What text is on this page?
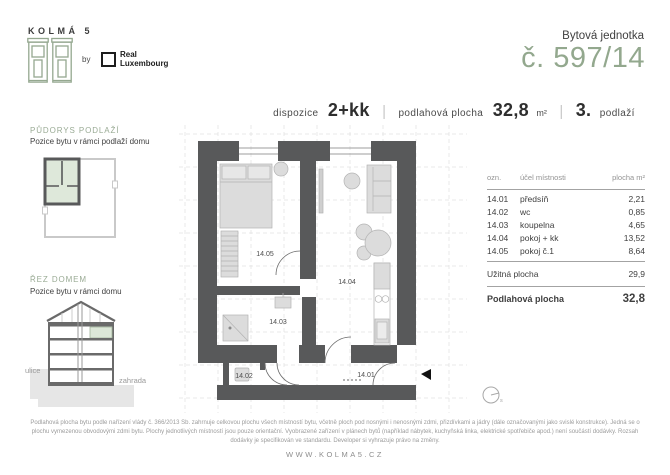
KOLMÁ 5
by
Real
Luxembourg
Bytová jednotka
č. 597/14
dispozice 2+kk | podlahová plocha 32,8 m² | 3. podlaží
PŮDORYS PODLAŽÍ
Pozice bytu v rámci podlaží domu
ŘEZ DOMEM
Pozice bytu v rámci domu
ulice
zahrada
14.05
14.04
14.03
14.02	14.01
s
ozn.	účel místnosti	plocha m²
14.01	předsíň	2,21
14.02	wc	0,85
14.03	koupelna	4,65
14.04	pokoj + kk	13,52
14.05	pokoj č.1	8,64
Užitná plocha	29,9
Podlahová plocha	32,8
Podlahová plocha bytu podle nařízení vlády č. 366/2013 Sb. zahrnuje celkovou plochu všech místností bytu, včetně ploch pod nosnými i nenosnými zdmi, přizdívkami a jádry (dále označovanými jako svislé konstrukce). Jedná se o plochu vymezenou obvodovými zdmi bytu. Plochy jednotlivých místností jsou pouze orientační. Vyobrazené zařízení v plánech bytů (například nábytek, kuchyňská linka, elektrické spotřebiče apod.) není součástí dodávky. Rozsah dodávky je specifikován ve standardu. Developer si vyhrazuje právo na změny.
WWW.KOLMA5.CZ
